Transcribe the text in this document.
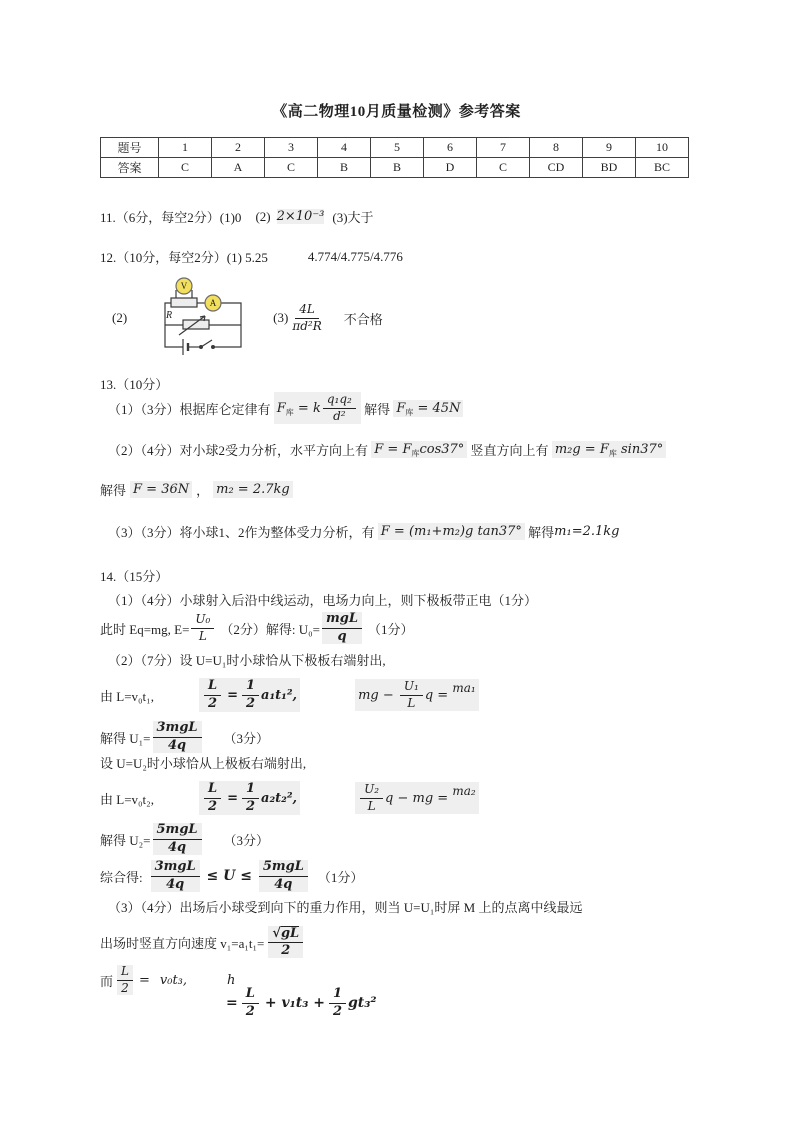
《高二物理10月质量检测》参考答案
题号	1	2	3	4	5	6	7	8	9	10
答案	C	A	C	B	B	D	C	CD	BD	BC
11.（6分，每空2分）(1)0 (2) 2×10⁻³ (3)大于
12.（10分，每空2分）(1) 5.25	4.774/4.775/4.776
(2)
V
A
R	$(3) \frac{4L}{\text{πd²R}}$ 不合格
13.（10分）
（1）（3分）根据库仑定律有 F 库 = k $\frac{\text{q₁q₂}}{\text{d²}}$ 解得 F 库 = 45N
（2）（4分）对小球2受力分析，水平方向上有 F = F 库 cos37° 竖直方向上有 m₂g = F 库 sin37°
解得 F = 36N ， m₂ = 2.7kg
（3）（3分）将小球1、2作为整体受力分析，有 F = (m₁+m₂)g tan37° 解得 m₁=2.1kg
14.（15分）
（1）（4分）小球射入后沿中线运动，电场力向上，则下极板带正电（1分）
此时 Eq=mg, $E= \frac{\text{U₀}}{L} (2$分）解得: $U_0= \frac{\text{mgL}}{q} (1$分）
（2）（7分）设 U=U₁时小球恰从下极板右端射出,
由 L=v₀t₁,	$\frac{L}{2} = \frac{1}{2} a_1t_1^2$,	mg − $\frac{\text{U₁}}{L}$ q = ma₁
解得 $U_1= \frac{\text{3mgL}}{4q} (3$分）
设 U=U₂时小球恰从上极板右端射出,
由 L=v₀t₂,	$\frac{L}{2} = \frac{1}{2} a_2t_2^2$,	$\frac{\text{U₂}}{L}$ q − mg = ma₂
解得 $U_2= \frac{\text{5mgL}}{4q} (3$分）
综合得: $\frac{\text{3mgL}}{4q} \le U \le \frac{\text{5mgL}}{4q} (1$分）
（3）（4分）出场后小球受到向下的重力作用，则当 U=U₁时屏 M 上的点离中线最远
出场时竖直方向速度 $v_1=a_1t_1= \frac{√ gL}{2}$
而 $\frac{L}{2} = v_0t_3$,	h
= $\frac{L}{2} + v_1t_3 + \frac{1}{2} gt_3^2$
